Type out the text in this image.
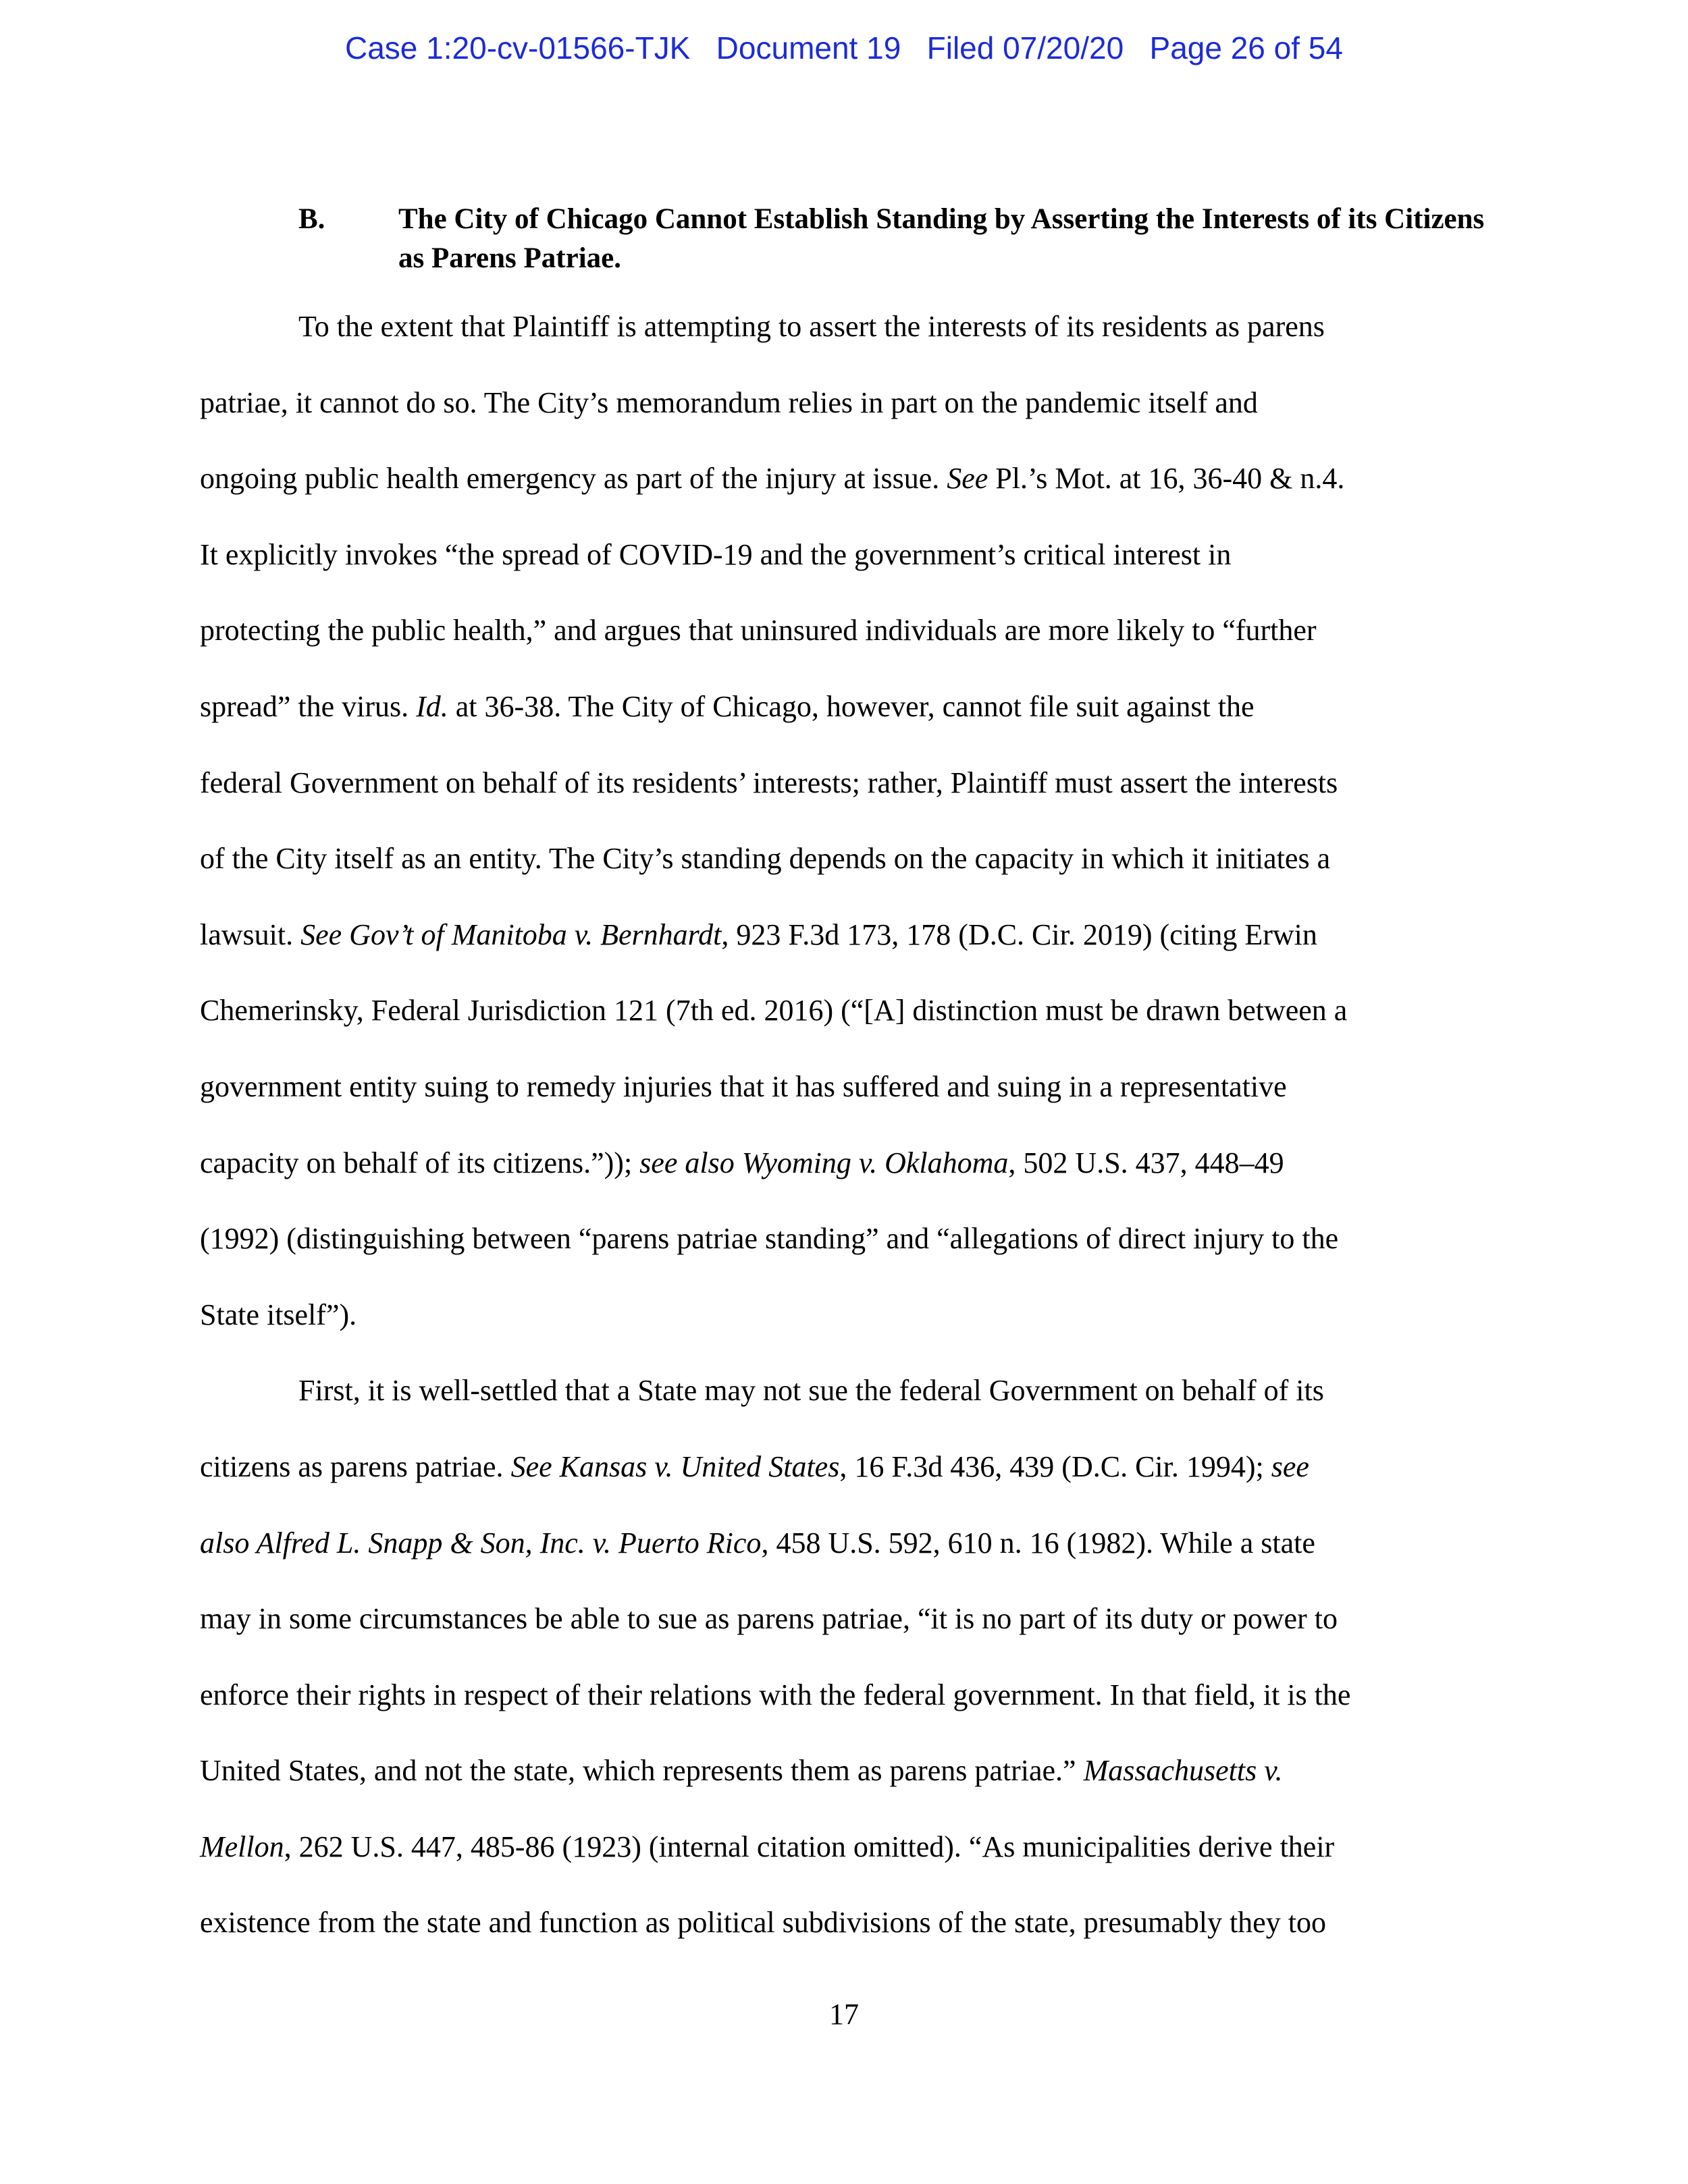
Case 1:20-cv-01566-TJK   Document 19   Filed 07/20/20   Page 26 of 54
B.	The City of Chicago Cannot Establish Standing by Asserting the Interests of its Citizens as Parens Patriae.
To the extent that Plaintiff is attempting to assert the interests of its residents as parens
patriae, it cannot do so. The City’s memorandum relies in part on the pandemic itself and
ongoing public health emergency as part of the injury at issue. See Pl.’s Mot. at 16, 36-40 & n.4.
It explicitly invokes “the spread of COVID-19 and the government’s critical interest in
protecting the public health,” and argues that uninsured individuals are more likely to “further
spread” the virus. Id. at 36-38. The City of Chicago, however, cannot file suit against the
federal Government on behalf of its residents’ interests; rather, Plaintiff must assert the interests
of the City itself as an entity. The City’s standing depends on the capacity in which it initiates a
lawsuit. See Gov’t of Manitoba v. Bernhardt, 923 F.3d 173, 178 (D.C. Cir. 2019) (citing Erwin
Chemerinsky, Federal Jurisdiction 121 (7th ed. 2016) (“[A] distinction must be drawn between a
government entity suing to remedy injuries that it has suffered and suing in a representative
capacity on behalf of its citizens.”)); see also Wyoming v. Oklahoma, 502 U.S. 437, 448–49
(1992) (distinguishing between “parens patriae standing” and “allegations of direct injury to the
State itself”).
First, it is well-settled that a State may not sue the federal Government on behalf of its
citizens as parens patriae. See Kansas v. United States, 16 F.3d 436, 439 (D.C. Cir. 1994); see
also Alfred L. Snapp & Son, Inc. v. Puerto Rico, 458 U.S. 592, 610 n. 16 (1982). While a state
may in some circumstances be able to sue as parens patriae, “it is no part of its duty or power to
enforce their rights in respect of their relations with the federal government. In that field, it is the
United States, and not the state, which represents them as parens patriae.” Massachusetts v.
Mellon, 262 U.S. 447, 485-86 (1923) (internal citation omitted). “As municipalities derive their
existence from the state and function as political subdivisions of the state, presumably they too
17
